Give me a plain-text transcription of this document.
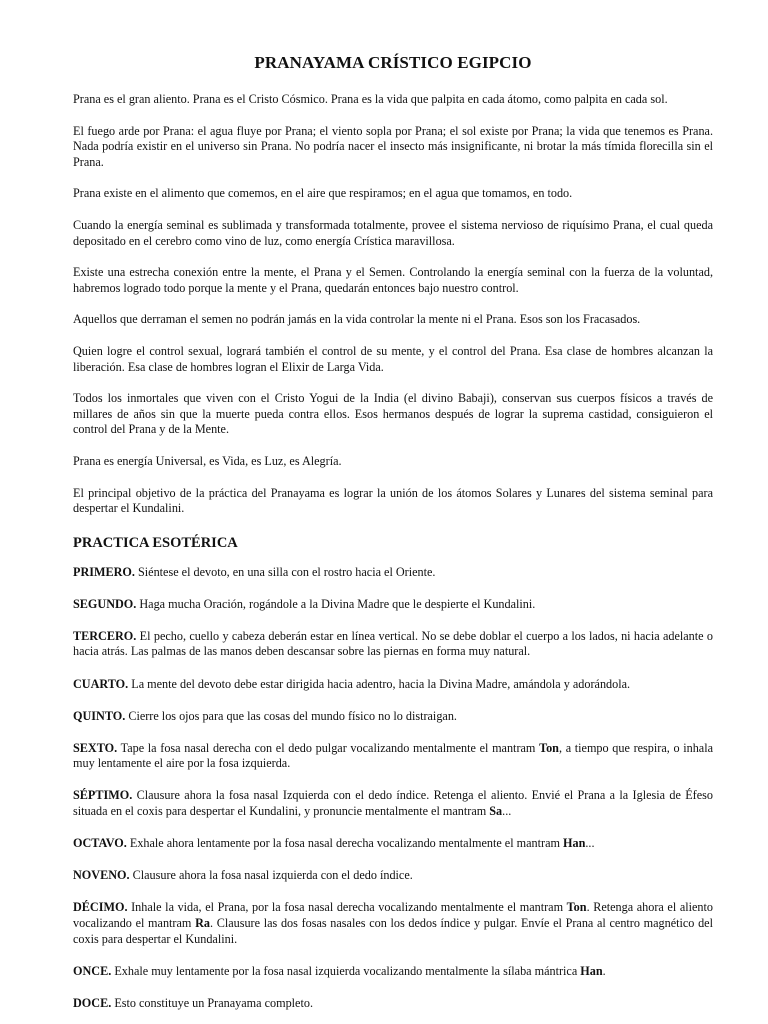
PRANAYAMA CRÍSTICO EGIPCIO

Prana es el gran aliento. Prana es el Cristo Cósmico. Prana es la vida que palpita en cada átomo, como palpita en cada sol.

El fuego arde por Prana: el agua fluye por Prana; el viento sopla por Prana; el sol existe por Prana; la vida que tenemos es Prana. Nada podría existir en el universo sin Prana. No podría nacer el insecto más insignificante, ni brotar la más tímida florecilla sin el Prana.

Prana existe en el alimento que comemos, en el aire que respiramos; en el agua que tomamos, en todo.

Cuando la energía seminal es sublimada y transformada totalmente, provee el sistema nervioso de riquísimo Prana, el cual queda depositado en el cerebro como vino de luz, como energía Crística maravillosa.

Existe una estrecha conexión entre la mente, el Prana y el Semen. Controlando la energía seminal con la fuerza de la voluntad, habremos logrado todo porque la mente y el Prana, quedarán entonces bajo nuestro control.

Aquellos que derraman el semen no podrán jamás en la vida controlar la mente ni el Prana. Esos son los Fracasados.

Quien logre el control sexual, logrará también el control de su mente, y el control del Prana. Esa clase de hombres alcanzan la liberación. Esa clase de hombres logran el Elixir de Larga Vida.

Todos los inmortales que viven con el Cristo Yogui de la India (el divino Babaji), conservan sus cuerpos físicos a través de millares de años sin que la muerte pueda contra ellos. Esos hermanos después de lograr la suprema castidad, consiguieron el control del Prana y de la Mente.

Prana es energía Universal, es Vida, es Luz, es Alegría.

El principal objetivo de la práctica del Pranayama es lograr la unión de los átomos Solares y Lunares del sistema seminal para despertar el Kundalini.

PRACTICA ESOTÉRICA

PRIMERO. Siéntese el devoto, en una silla con el rostro hacia el Oriente.

SEGUNDO. Haga mucha Oración, rogándole a la Divina Madre que le despierte el Kundalini.

TERCERO. El pecho, cuello y cabeza deberán estar en línea vertical. No se debe doblar el cuerpo a los lados, ni hacia adelante o hacia atrás. Las palmas de las manos deben descansar sobre las piernas en forma muy natural.

CUARTO. La mente del devoto debe estar dirigida hacia adentro, hacia la Divina Madre, amándola y adorándola.

QUINTO. Cierre los ojos para que las cosas del mundo físico no lo distraigan.

SEXTO. Tape la fosa nasal derecha con el dedo pulgar vocalizando mentalmente el mantram Ton, a tiempo que respira, o inhala muy lentamente el aire por la fosa izquierda.

SÉPTIMO. Clausure ahora la fosa nasal Izquierda con el dedo índice. Retenga el aliento. Envié el Prana a la Iglesia de Éfeso situada en el coxis para despertar el Kundalini, y pronuncie mentalmente el mantram Sa...

OCTAVO. Exhale ahora lentamente por la fosa nasal derecha vocalizando mentalmente el mantram Han...

NOVENO. Clausure ahora la fosa nasal izquierda con el dedo índice.

DÉCIMO. Inhale la vida, el Prana, por la fosa nasal derecha vocalizando mentalmente el mantram Ton. Retenga ahora el aliento vocalizando el mantram Ra. Clausure las dos fosas nasales con los dedos índice y pulgar. Envíe el Prana al centro magnético del coxis para despertar el Kundalini.

ONCE. Exhale muy lentamente por la fosa nasal izquierda vocalizando mentalmente la sílaba mántrica Han.

DOCE. Esto constituye un Pranayama completo.
